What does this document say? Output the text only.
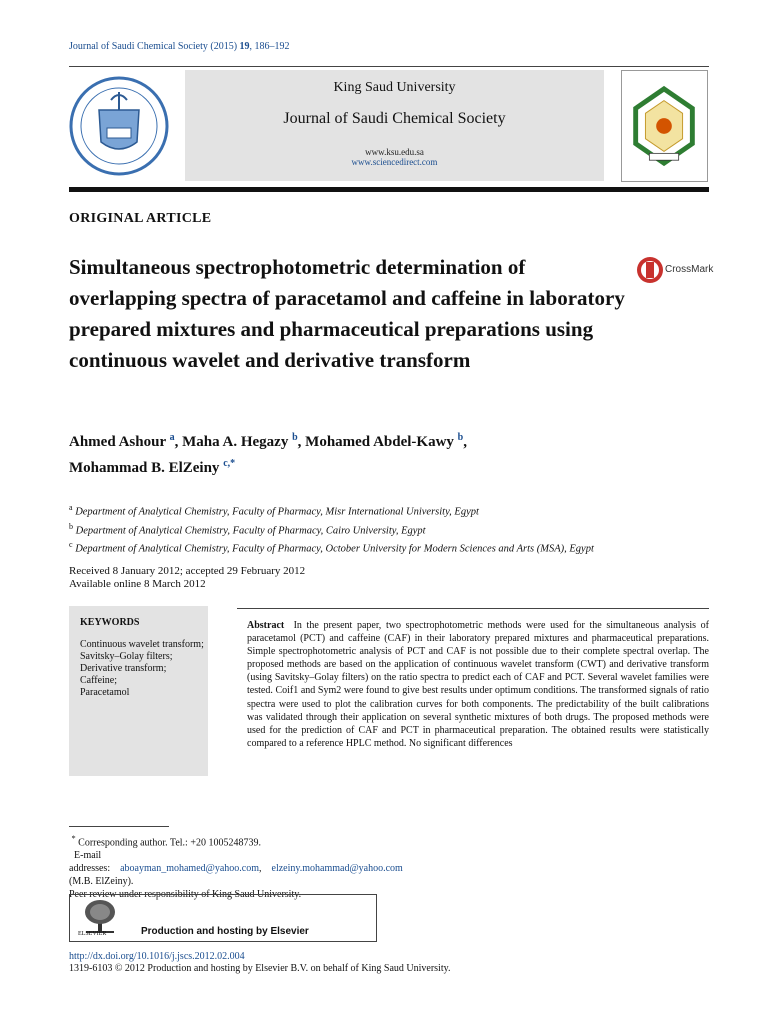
Journal of Saudi Chemical Society (2015) 19, 186–192
King Saud University
Journal of Saudi Chemical Society
www.ksu.edu.sa
www.sciencedirect.com
ORIGINAL ARTICLE
Simultaneous spectrophotometric determination of overlapping spectra of paracetamol and caffeine in laboratory prepared mixtures and pharmaceutical preparations using continuous wavelet and derivative transform
CrossMark
Ahmed Ashour $^a$, Maha A. Hegazy $^b$, Mohamed Abdel-Kawy $^b$,
Mohammad B. ElZeiny $^{c,*}$
$^a$ Department of Analytical Chemistry, Faculty of Pharmacy, Misr International University, Egypt
$^b$ Department of Analytical Chemistry, Faculty of Pharmacy, Cairo University, Egypt
$^c$ Department of Analytical Chemistry, Faculty of Pharmacy, October University for Modern Sciences and Arts (MSA), Egypt
Received 8 January 2012; accepted 29 February 2012
Available online 8 March 2012
KEYWORDS
Continuous wavelet transform;
Savitsky–Golay filters;
Derivative transform;
Caffeine;
Paracetamol
Abstract In the present paper, two spectrophotometric methods were used for the simultaneous analysis of paracetamol (PCT) and caffeine (CAF) in their laboratory prepared mixtures and pharmaceutical preparations. Simple spectrophotometric analysis of PCT and CAF is not possible due to their complete spectral overlap. The proposed methods are based on the application of continuous wavelet transform (CWT) and derivative transform (using Savitsky–Golay filters) on the ratio spectra to predict each of CAF and PCT. Several wavelet families were tested. Coif1 and Sym2 were found to give best results under optimum conditions. The transformed signals of ratio spectra were used to plot the calibration curves for both components. The predictability of the built calibrations was validated through their application on several synthetic mixtures of both drugs. The proposed methods were used for the prediction of CAF and PCT in pharmaceutical preparation. The obtained results were statistically compared to a reference HPLC method. No significant differences
* Corresponding author. Tel.: +20 1005248739.
E-mail addresses: aboayman_mohamed@yahoo.com,    elzeiny.mohammad@yahoo.com (M.B. ElZeiny).
Peer review under responsibility of King Saud University.
ELSEVIER	Production and hosting by Elsevier
http://dx.doi.org/10.1016/j.jscs.2012.02.004
1319-6103 © 2012 Production and hosting by Elsevier B.V. on behalf of King Saud University.
